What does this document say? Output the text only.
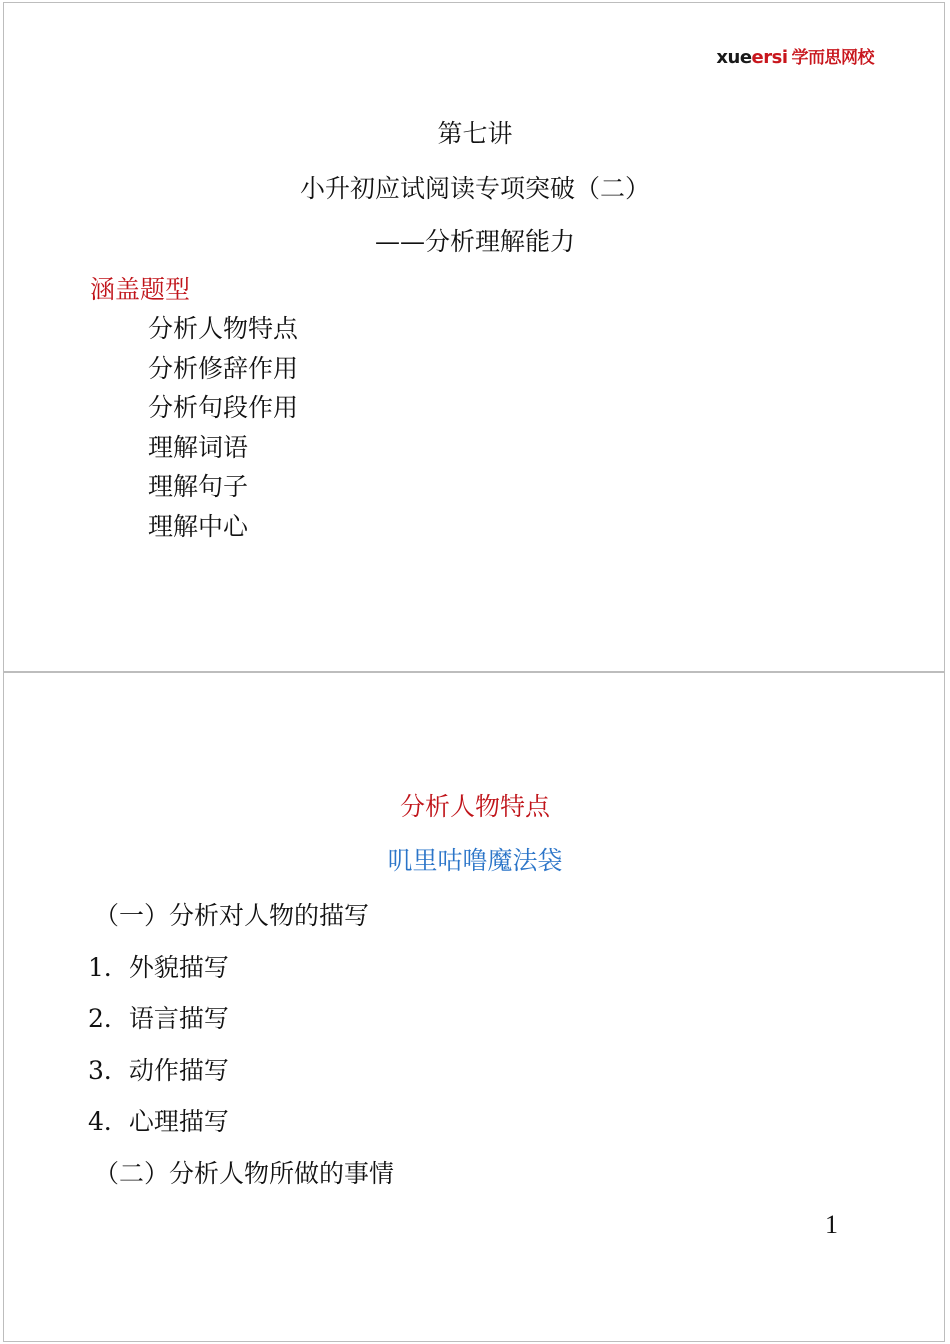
xueersi 学而思网校
第七讲
小升初应试阅读专项突破（二）
——分析理解能力
涵盖题型
分析人物特点
分析修辞作用
分析句段作用
理解词语
理解句子
理解中心
分析人物特点
叽里咕噜魔法袋
（一）分析对人物的描写
1．外貌描写
2．语言描写
3．动作描写
4．心理描写
（二）分析人物所做的事情
1
